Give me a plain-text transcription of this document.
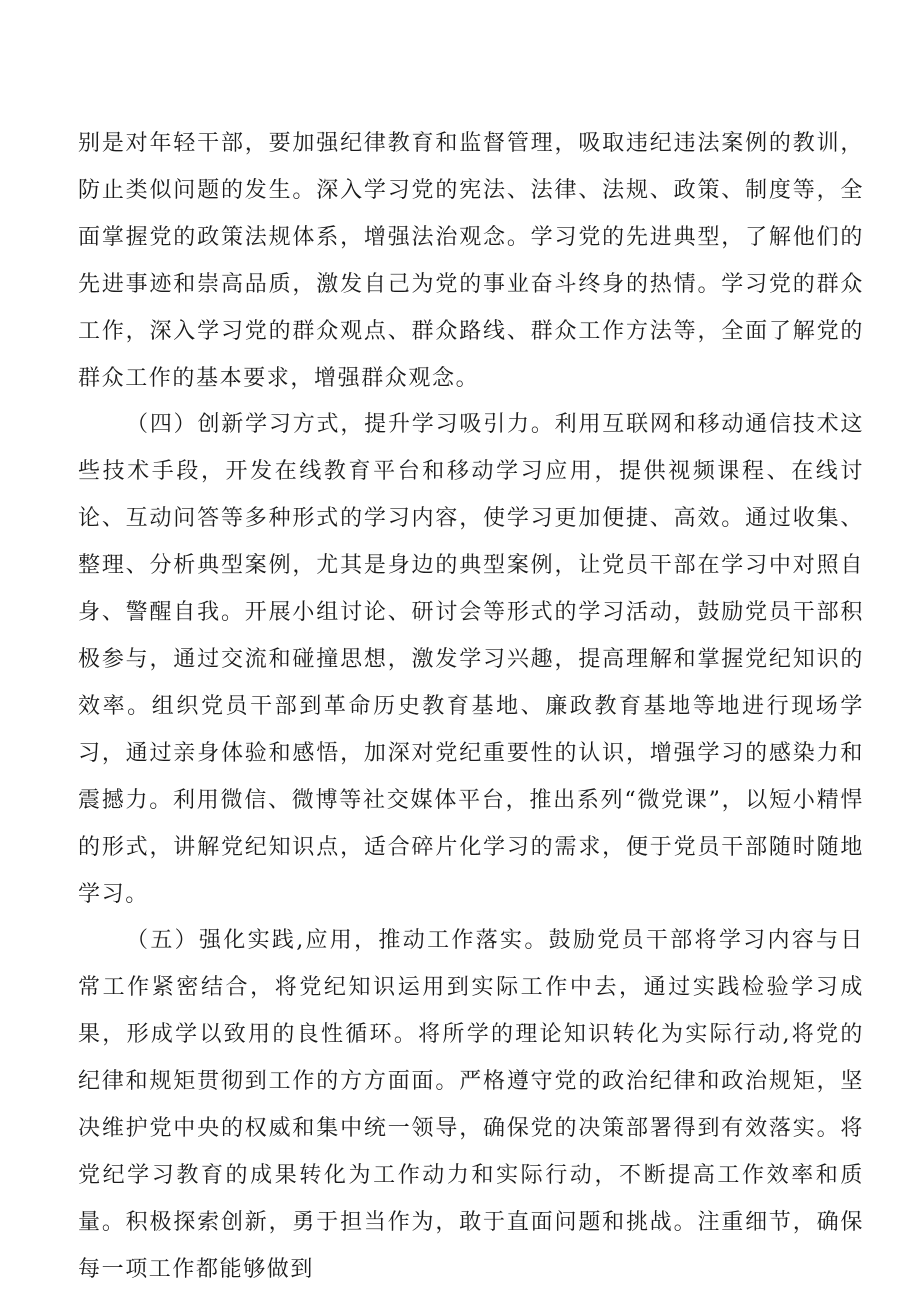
别是对年轻干部，要加强纪律教育和监督管理，吸取违纪违法案例的教训，防止类似问题的发生。深入学习党的宪法、法律、法规、政策、制度等，全面掌握党的政策法规体系，增强法治观念。学习党的先进典型，了解他们的先进事迹和崇高品质，激发自己为党的事业奋斗终身的热情。学习党的群众工作，深入学习党的群众观点、群众路线、群众工作方法等，全面了解党的群众工作的基本要求，增强群众观念。

（四）创新学习方式，提升学习吸引力。利用互联网和移动通信技术这些技术手段，开发在线教育平台和移动学习应用，提供视频课程、在线讨论、互动问答等多种形式的学习内容，使学习更加便捷、高效。通过收集、整理、分析典型案例，尤其是身边的典型案例，让党员干部在学习中对照自身、警醒自我。开展小组讨论、研讨会等形式的学习活动，鼓励党员干部积极参与，通过交流和碰撞思想，激发学习兴趣，提高理解和掌握党纪知识的效率。组织党员干部到革命历史教育基地、廉政教育基地等地进行现场学习，通过亲身体验和感悟，加深对党纪重要性的认识，增强学习的感染力和震撼力。利用微信、微博等社交媒体平台，推出系列“微党课”，以短小精悍的形式，讲解党纪知识点，适合碎片化学习的需求，便于党员干部随时随地学习。

（五）强化实践,应用，推动工作落实。鼓励党员干部将学习内容与日常工作紧密结合，将党纪知识运用到实际工作中去，通过实践检验学习成果，形成学以致用的良性循环。将所学的理论知识转化为实际行动,将党的纪律和规矩贯彻到工作的方方面面。严格遵守党的政治纪律和政治规矩，坚决维护党中央的权威和集中统一领导，确保党的决策部署得到有效落实。将党纪学习教育的成果转化为工作动力和实际行动，不断提高工作效率和质量。积极探索创新，勇于担当作为，敢于直面问题和挑战。注重细节，确保每一项工作都能够做到
